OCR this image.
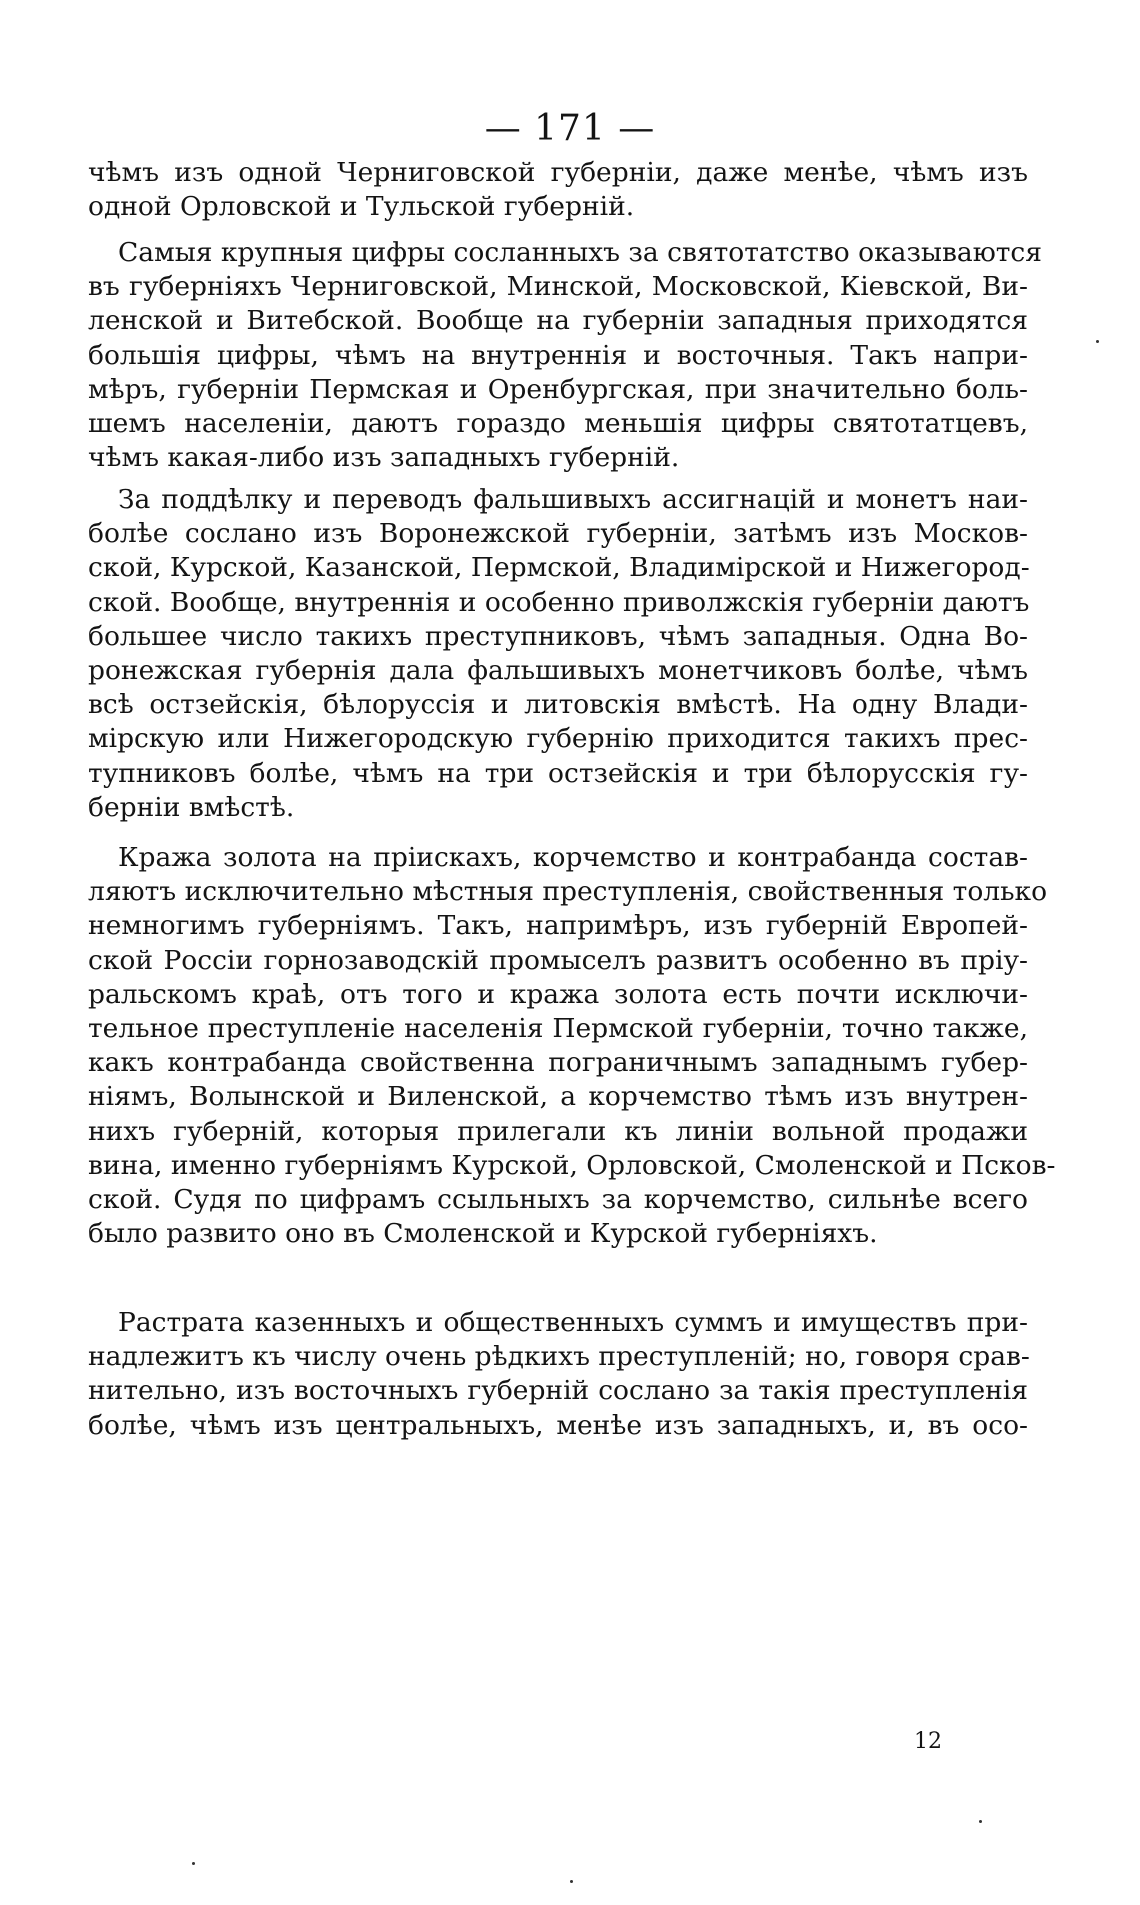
— 171 —
чѣмъ изъ одной Черниговской губерніи, даже менѣе, чѣмъ изъ
одной Орловской и Тульской губерній.
Самыя крупныя цифры сосланныхъ за святотатство оказываются
въ губерніяхъ Черниговской, Минской, Московской, Кіевской, Ви-
ленской и Витебской. Вообще на губерніи западныя приходятся
большія цифры, чѣмъ на внутреннія и восточныя. Такъ напри-
мѣръ, губерніи Пермская и Оренбургская, при значительно боль-
шемъ населеніи, даютъ гораздо меньшія цифры святотатцевъ,
чѣмъ какая-либо изъ западныхъ губерній.
За поддѣлку и переводъ фальшивыхъ ассигнацій и монетъ наи-
болѣе сослано изъ Воронежской губерніи, затѣмъ изъ Москов-
ской, Курской, Казанской, Пермской, Владимірской и Нижегород-
ской. Вообще, внутреннія и особенно приволжскія губерніи даютъ
большее число такихъ преступниковъ, чѣмъ западныя. Одна Во-
ронежская губернія дала фальшивыхъ монетчиковъ болѣе, чѣмъ
всѣ остзейскія, бѣлоруссія и литовскія вмѣстѣ. На одну Влади-
мірскую или Нижегородскую губернію приходится такихъ прес-
тупниковъ болѣе, чѣмъ на три остзейскія и три бѣлорусскія гу-
берніи вмѣстѣ.
Кража золота на пріискахъ, корчемство и контрабанда состав-
ляютъ исключительно мѣстныя преступленія, свойственныя только
немногимъ губерніямъ. Такъ, напримѣръ, изъ губерній Европей-
ской Россіи горнозаводскій промыселъ развитъ особенно въ пріу-
ральскомъ краѣ, отъ того и кража золота есть почти исключи-
тельное преступленіе населенія Пермской губерніи, точно также,
какъ контрабанда свойственна пограничнымъ западнымъ губер-
ніямъ, Волынской и Виленской, а корчемство тѣмъ изъ внутрен-
нихъ губерній, которыя прилегали къ линіи вольной продажи
вина, именно губерніямъ Курской, Орловской, Смоленской и Псков-
ской. Судя по цифрамъ ссыльныхъ за корчемство, сильнѣе всего
было развито оно въ Смоленской и Курской губерніяхъ.
Растрата казенныхъ и общественныхъ суммъ и имуществъ при-
надлежитъ къ числу очень рѣдкихъ преступленій; но, говоря срав-
нительно, изъ восточныхъ губерній сослано за такія преступленія
болѣе, чѣмъ изъ центральныхъ, менѣе изъ западныхъ, и, въ осо-
12
